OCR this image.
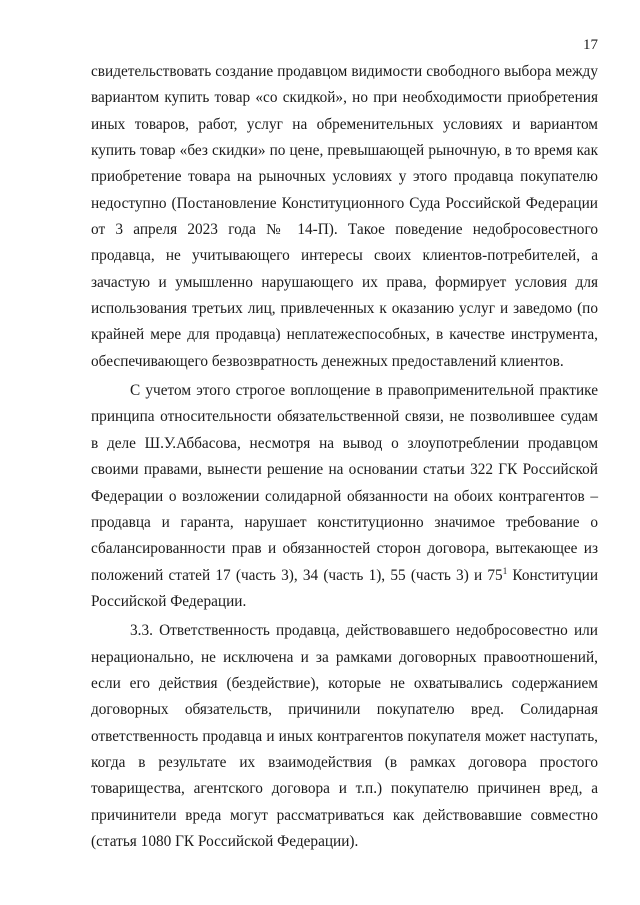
17

свидетельствовать создание продавцом видимости свободного выбора между вариантом купить товар «со скидкой», но при необходимости приобретения иных товаров, работ, услуг на обременительных условиях и вариантом купить товар «без скидки» по цене, превышающей рыночную, в то время как приобретение товара на рыночных условиях у этого продавца покупателю недоступно (Постановление Конституционного Суда Российской Федерации от 3 апреля 2023 года № 14-П). Такое поведение недобросовестного продавца, не учитывающего интересы своих клиентов-потребителей, а зачастую и умышленно нарушающего их права, формирует условия для использования третьих лиц, привлеченных к оказанию услуг и заведомо (по крайней мере для продавца) неплатежеспособных, в качестве инструмента, обеспечивающего безвозвратность денежных предоставлений клиентов.

С учетом этого строгое воплощение в правоприменительной практике принципа относительности обязательственной связи, не позволившее судам в деле Ш.У.Аббасова, несмотря на вывод о злоупотреблении продавцом своими правами, вынести решение на основании статьи 322 ГК Российской Федерации о возложении солидарной обязанности на обоих контрагентов – продавца и гаранта, нарушает конституционно значимое требование о сбалансированности прав и обязанностей сторон договора, вытекающее из положений статей 17 (часть 3), 34 (часть 1), 55 (часть 3) и $75^1$ Конституции Российской Федерации.

3.3. Ответственность продавца, действовавшего недобросовестно или нерационально, не исключена и за рамками договорных правоотношений, если его действия (бездействие), которые не охватывались содержанием договорных обязательств, причинили покупателю вред. Солидарная ответственность продавца и иных контрагентов покупателя может наступать, когда в результате их взаимодействия (в рамках договора простого товарищества, агентского договора и т.п.) покупателю причинен вред, а причинители вреда могут рассматриваться как действовавшие совместно (статья 1080 ГК Российской Федерации).
